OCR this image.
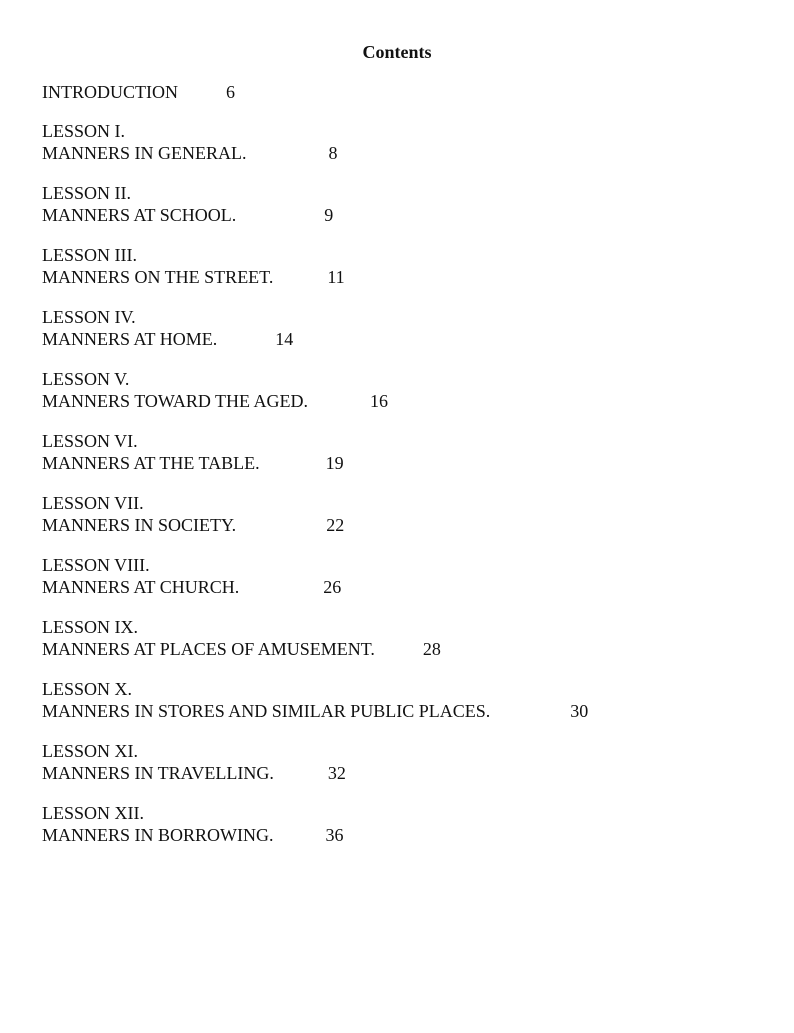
Contents
INTRODUCTION	6
LESSON I.
MANNERS IN GENERAL.	8
LESSON II.
MANNERS AT SCHOOL.	9
LESSON III.
MANNERS ON THE STREET.	11
LESSON IV.
MANNERS AT HOME.	14
LESSON V.
MANNERS TOWARD THE AGED.	16
LESSON VI.
MANNERS AT THE TABLE.	19
LESSON VII.
MANNERS IN SOCIETY.	22
LESSON VIII.
MANNERS AT CHURCH.	26
LESSON IX.
MANNERS AT PLACES OF AMUSEMENT.	28
LESSON X.
MANNERS IN STORES AND SIMILAR PUBLIC PLACES.	30
LESSON XI.
MANNERS IN TRAVELLING.	32
LESSON XII.
MANNERS IN BORROWING.	36
